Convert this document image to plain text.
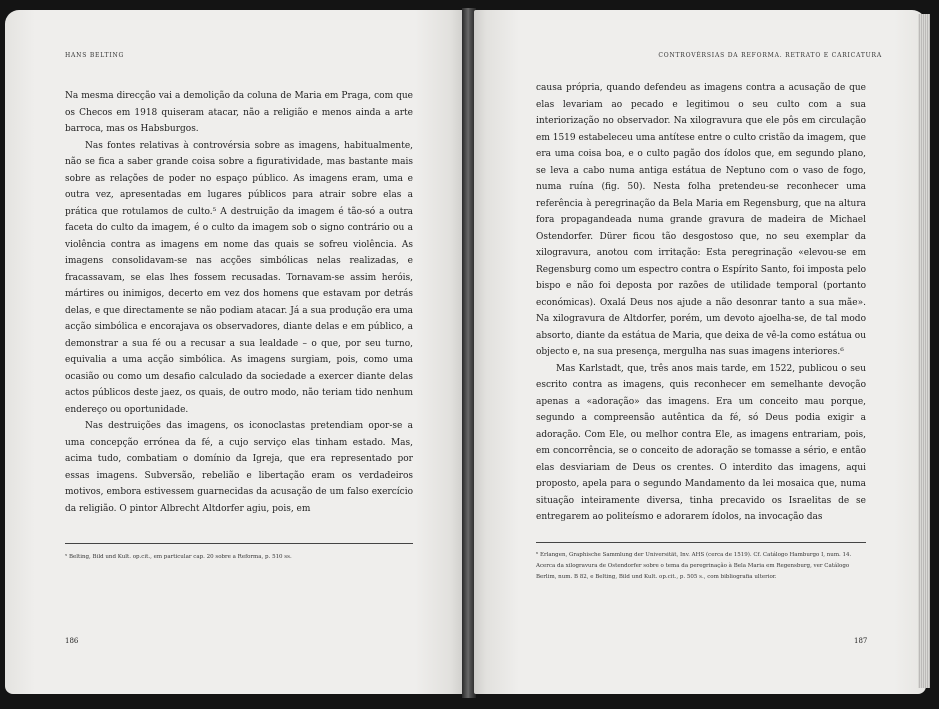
HANS BELTING

Na mesma direcção vai a demolição da coluna de Maria em Praga, com que os Checos em 1918 quiseram atacar, não a religião e menos ainda a arte barroca, mas os Habsburgos.

Nas fontes relativas à controvérsia sobre as imagens, habitualmente, não se fica a saber grande coisa sobre a figuratividade, mas bastante mais sobre as relações de poder no espaço público. As imagens eram, uma e outra vez, apresentadas em lugares públicos para atrair sobre elas a prática que rotulamos de culto.⁵ A destruição da imagem é tão-só a outra faceta do culto da imagem, é o culto da imagem sob o signo contrário ou a violência contra as imagens em nome das quais se sofreu violência. As imagens consolidavam-se nas acções simbólicas nelas realizadas, e fracassavam, se elas lhes fossem recusadas. Tornavam-se assim heróis, mártires ou inimigos, decerto em vez dos homens que estavam por detrás delas, e que directamente se não podiam atacar. Já a sua produção era uma acção simbólica e encorajava os observadores, diante delas e em público, a demonstrar a sua fé ou a recusar a sua lealdade – o que, por seu turno, equivalia a uma acção simbólica. As imagens surgiam, pois, como uma ocasião ou como um desafio calculado da sociedade a exercer diante delas actos públicos deste jaez, os quais, de outro modo, não teriam tido nenhum endereço ou oportunidade.

Nas destruições das imagens, os iconoclastas pretendiam opor-se a uma concepção errónea da fé, a cujo serviço elas tinham estado. Mas, acima tudo, combatiam o domínio da Igreja, que era representado por essas imagens. Subversão, rebelião e libertação eram os verdadeiros motivos, embora estivessem guarnecidas da acusação de um falso exercício da religião. O pintor Albrecht Altdorfer agiu, pois, em

⁵ Belting, Bild und Kult. op.cit., em particular cap. 20 sobre a Reforma, p. 510 ss.
186
CONTROVÉRSIAS DA REFORMA. RETRATO E CARICATURA

causa própria, quando defendeu as imagens contra a acusação de que elas levariam ao pecado e legitimou o seu culto com a sua interiorização no observador. Na xilogravura que ele pôs em circulação em 1519 estabeleceu uma antítese entre o culto cristão da imagem, que era uma coisa boa, e o culto pagão dos ídolos que, em segundo plano, se leva a cabo numa antiga estátua de Neptuno com o vaso de fogo, numa ruína (fig. 50). Nesta folha pretendeu-se reconhecer uma referência à peregrinação da Bela Maria em Regensburg, que na altura fora propagandeada numa grande gravura de madeira de Michael Ostendorfer. Dürer ficou tão desgostoso que, no seu exemplar da xilogravura, anotou com irritação: Esta peregrinação «elevou-se em Regensburg como um espectro contra o Espírito Santo, foi imposta pelo bispo e não foi deposta por razões de utilidade temporal (portanto económicas). Oxalá Deus nos ajude a não desonrar tanto a sua mãe». Na xilogravura de Altdorfer, porém, um devoto ajoelha-se, de tal modo absorto, diante da estátua de Maria, que deixa de vê-la como estátua ou objecto e, na sua presença, mergulha nas suas imagens interiores.⁶

Mas Karlstadt, que, três anos mais tarde, em 1522, publicou o seu escrito contra as imagens, quis reconhecer em semelhante devoção apenas a «adoração» das imagens. Era um conceito mau porque, segundo a compreensão autêntica da fé, só Deus podia exigir a adoração. Com Ele, ou melhor contra Ele, as imagens entrariam, pois, em concorrência, se o conceito de adoração se tomasse a sério, e então elas desviariam de Deus os crentes. O interdito das imagens, aqui proposto, apela para o segundo Mandamento da lei mosaica que, numa situação inteiramente diversa, tinha precavido os Israelitas de se entregarem ao politeísmo e adorarem ídolos, na invocação das

⁶ Erlangen, Graphische Sammlung der Universität, Inv. AHS (cerca de 1519). Cf. Catálogo Hamburgo I, num. 14. Acerca da xilogravura de Ostendorfer sobre o tema da peregrinação à Bela Maria em Regensburg, ver Catálogo Berlim, num. B 82, e Belting, Bild und Kult. op.cit., p. 505 s., com bibliografia ulterior.
187
